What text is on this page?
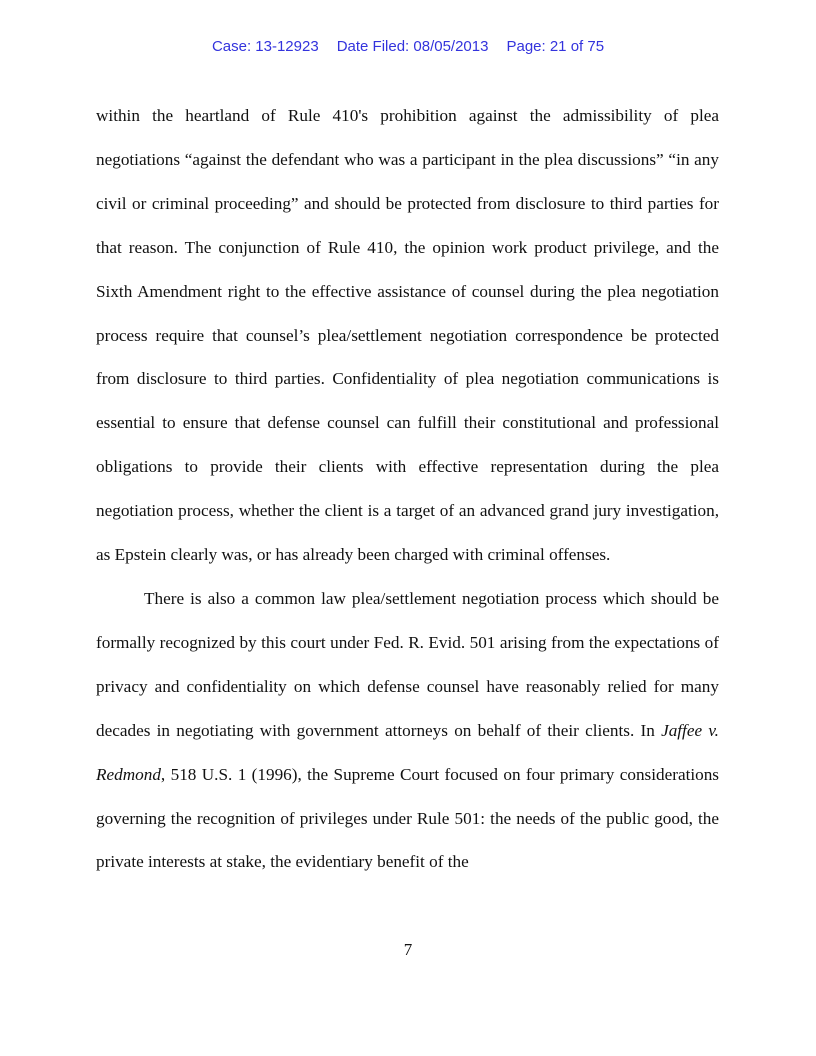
Case: 13-12923 Date Filed: 08/05/2013 Page: 21 of 75

within the heartland of Rule 410's prohibition against the admissibility of plea negotiations “against the defendant who was a participant in the plea discussions” “in any civil or criminal proceeding” and should be protected from disclosure to third parties for that reason. The conjunction of Rule 410, the opinion work product privilege, and the Sixth Amendment right to the effective assistance of counsel during the plea negotiation process require that counsel’s plea/settlement negotiation correspondence be protected from disclosure to third parties. Confidentiality of plea negotiation communications is essential to ensure that defense counsel can fulfill their constitutional and professional obligations to provide their clients with effective representation during the plea negotiation process, whether the client is a target of an advanced grand jury investigation, as Epstein clearly was, or has already been charged with criminal offenses.

There is also a common law plea/settlement negotiation process which should be formally recognized by this court under Fed. R. Evid. 501 arising from the expectations of privacy and confidentiality on which defense counsel have reasonably relied for many decades in negotiating with government attorneys on behalf of their clients. In Jaffee v. Redmond, 518 U.S. 1 (1996), the Supreme Court focused on four primary considerations governing the recognition of privileges under Rule 501: the needs of the public good, the private interests at stake, the evidentiary benefit of the

7
